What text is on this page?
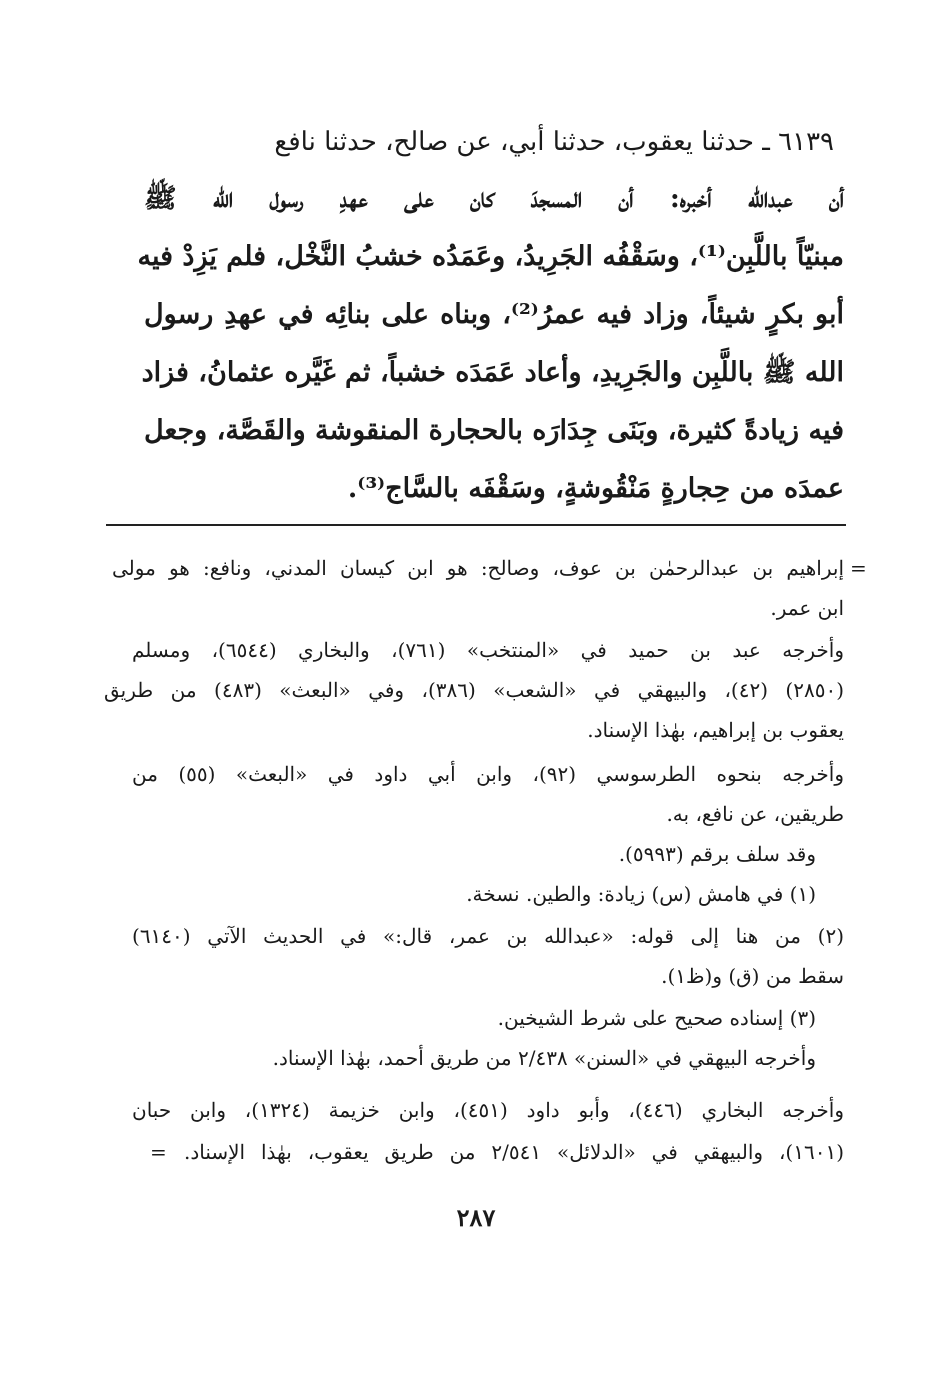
٦١٣٩ ـ حدثنا يعقوب، حدثنا أبي، عن صالح، حدثنا نافع
أن عبدالله أخبره: أن المسجدَ كان على عهدِ رسول الله ﷺ
مبنيّاً باللَّبِن⁽¹⁾، وسَقْفُه الجَرِيدُ، وعَمَدُه خشبُ النَّخْل، فلم يَزِدْ فيه
أبو بكرٍ شيئاً، وزاد فيه عمرُ⁽²⁾، وبناه على بنائِه في عهدِ رسول
الله ﷺ باللَّبِن والجَرِيدِ، وأعاد عَمَدَه خشباً، ثم غَيَّره عثمانُ، فزاد
فيه زيادةً كثيرة، وبَنَى جِدَارَه بالحجارة المنقوشة والقَصَّة، وجعل
عمدَه من حِجارةٍ مَنْقُوشةٍ، وسَقْفَه بالسَّاج⁽³⁾.
=
إبراهيم بن عبدالرحمٰن بن عوف، وصالح: هو ابن كيسان المدني، ونافع: هو مولى
ابن عمر.
وأخرجه عبد بن حميد في «المنتخب» (٧٦١)، والبخاري (٦٥٤٤)، ومسلم
(٢٨٥٠) (٤٢)، والبيهقي في «الشعب» (٣٨٦)، وفي «البعث» (٤٨٣) من طريق
يعقوب بن إبراهيم، بهٰذا الإسناد.
وأخرجه بنحوه الطرسوسي (٩٢)، وابن أبي داود في «البعث» (٥٥) من
طريقين، عن نافع، به.
وقد سلف برقم (٥٩٩٣).
(١) في هامش (س) زيادة: والطين. نسخة.
(٢) من هنا إلى قوله: «عبدالله بن عمر، قال:» في الحديث الآتي (٦١٤٠)
سقط من (ق) و(ظ١).
(٣) إسناده صحيح على شرط الشيخين.
وأخرجه البيهقي في «السنن» ٢/٤٣٨ من طريق أحمد، بهٰذا الإسناد.
وأخرجه البخاري (٤٤٦)، وأبو داود (٤٥١)، وابن خزيمة (١٣٢٤)، وابن حبان
(١٦٠١)، والبيهقي في «الدلائل» ٢/٥٤١ من طريق يعقوب، بهٰذا الإسناد.
=
٢٨٧
